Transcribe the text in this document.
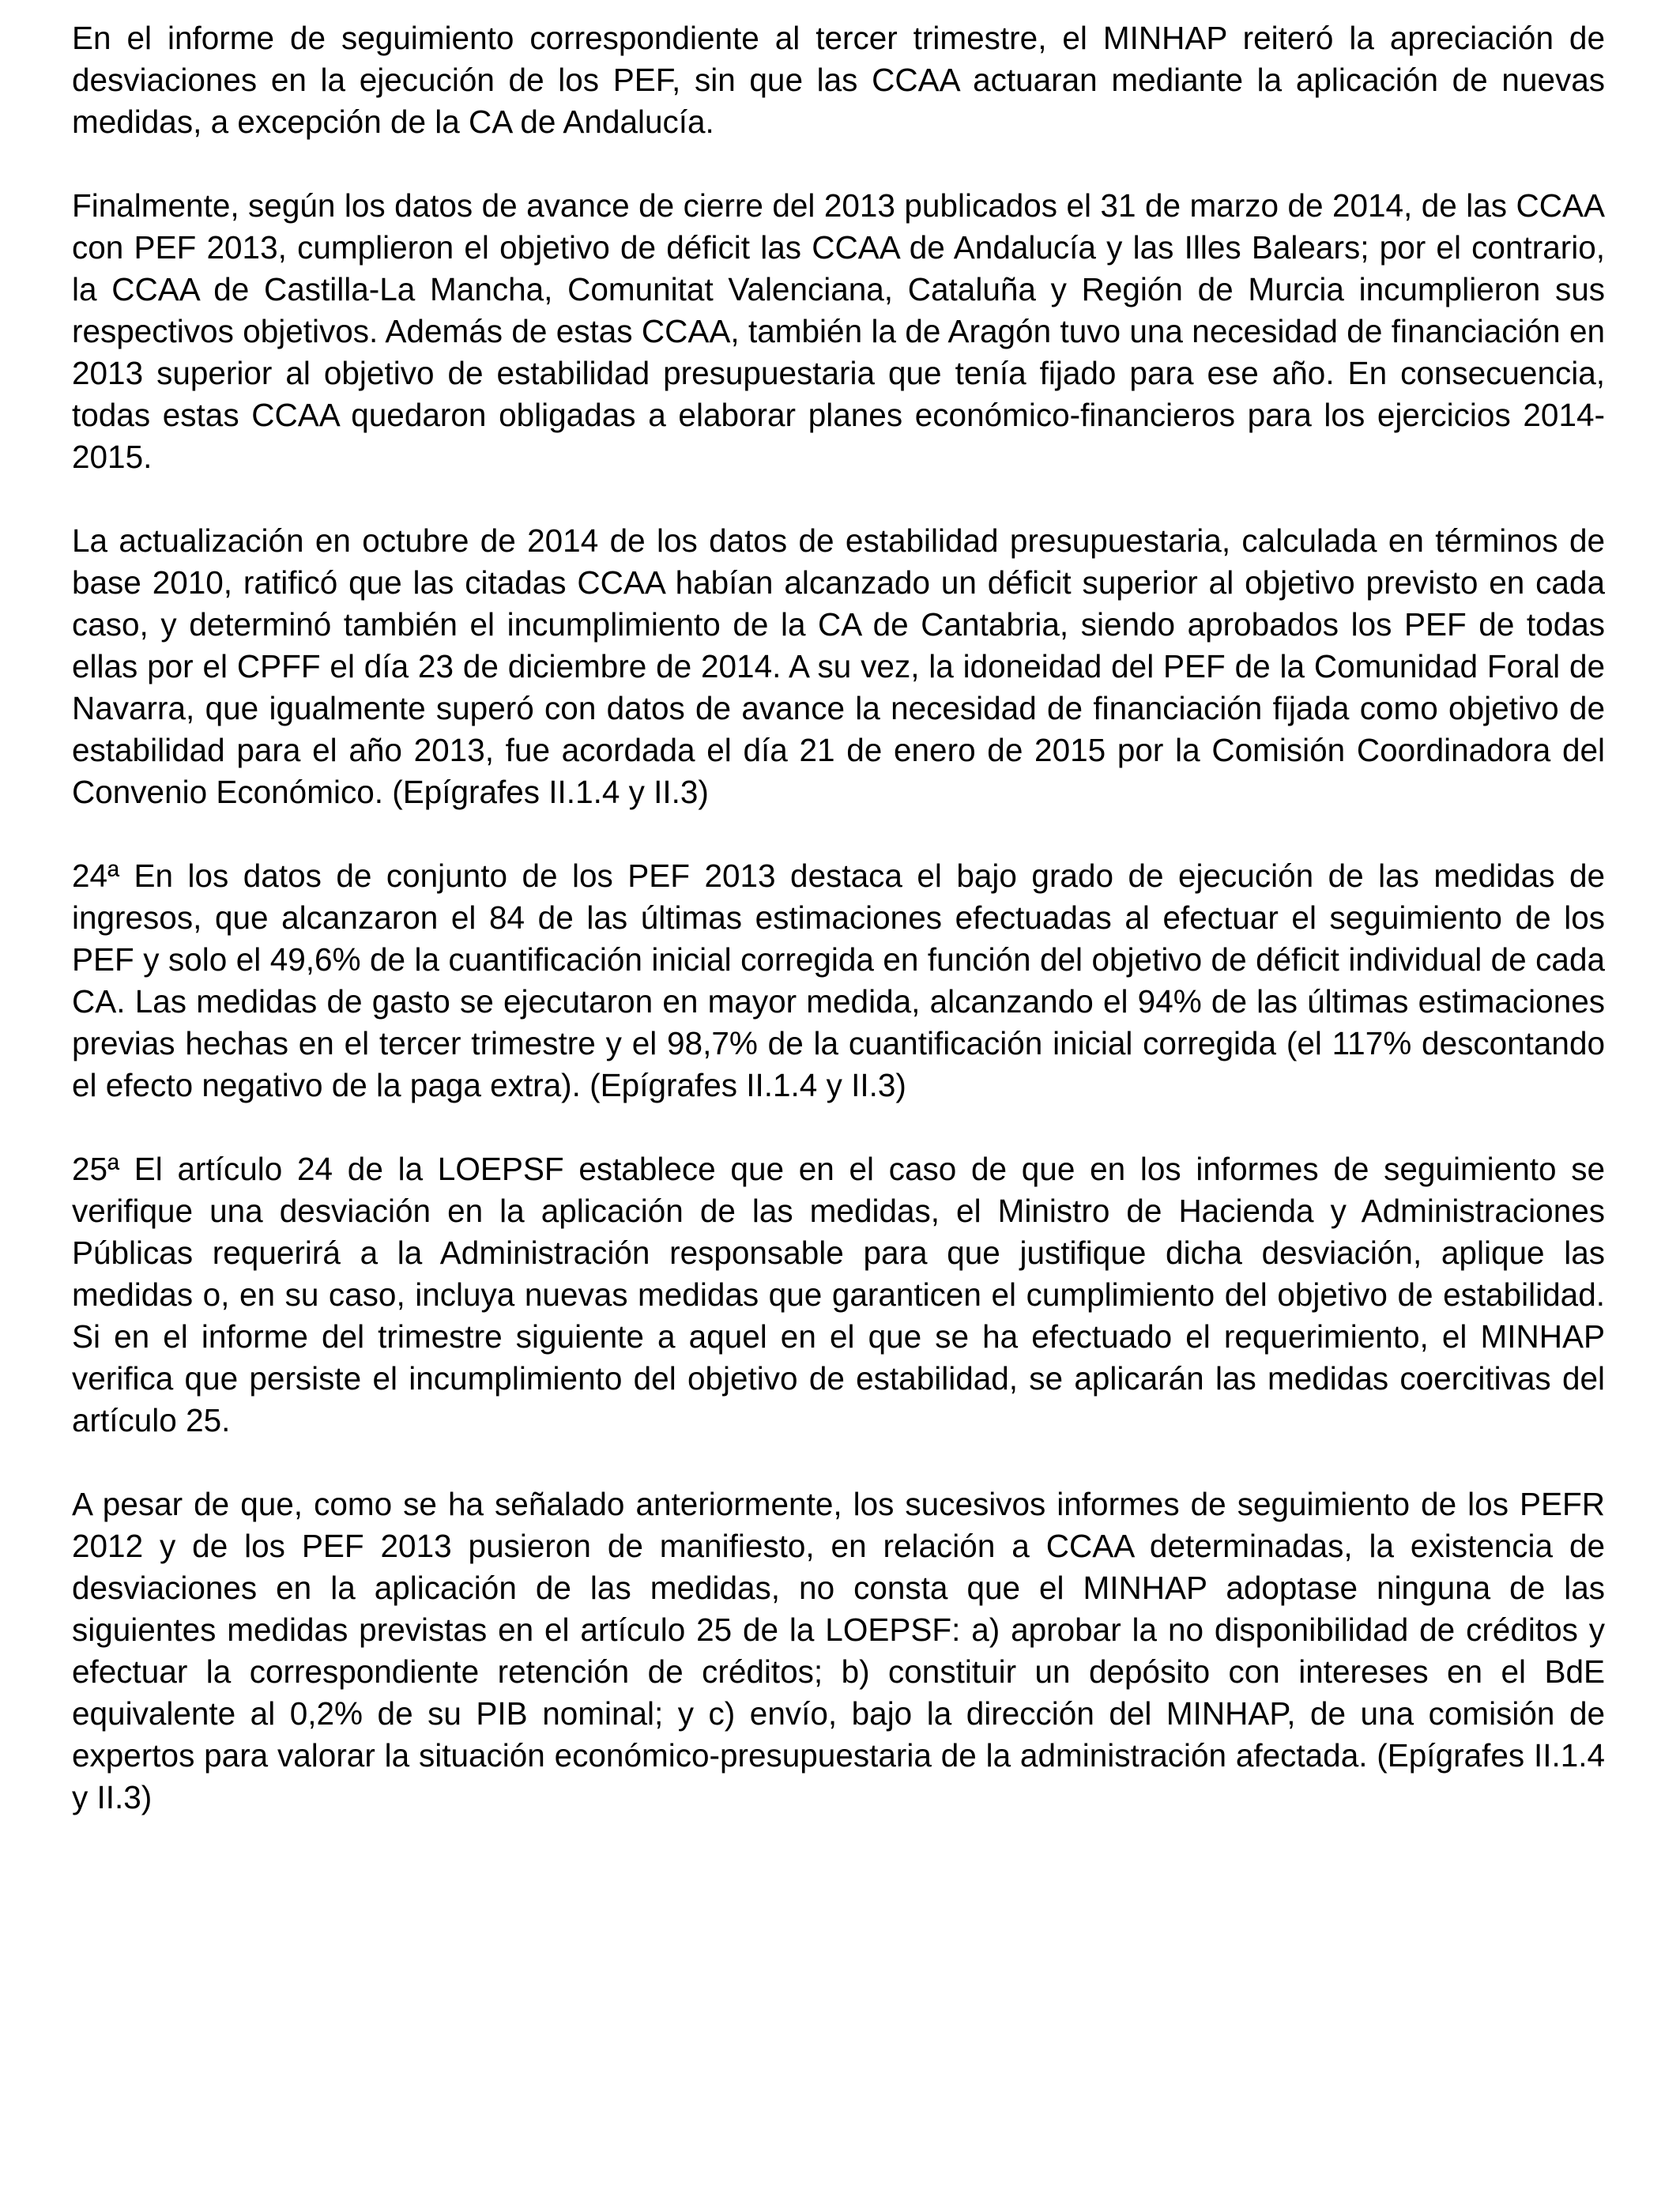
En el informe de seguimiento correspondiente al tercer trimestre, el MINHAP reiteró la apreciación de desviaciones en la ejecución de los PEF, sin que las CCAA actuaran mediante la aplicación de nuevas medidas, a excepción de la CA de Andalucía.

Finalmente, según los datos de avance de cierre del 2013 publicados el 31 de marzo de 2014, de las CCAA con PEF 2013, cumplieron el objetivo de déficit las CCAA de Andalucía y las Illes Balears; por el contrario, la CCAA de Castilla-La Mancha, Comunitat Valenciana, Cataluña y Región de Murcia incumplieron sus respectivos objetivos. Además de estas CCAA, también la de Aragón tuvo una necesidad de financiación en 2013 superior al objetivo de estabilidad presupuestaria que tenía fijado para ese año. En consecuencia, todas estas CCAA quedaron obligadas a elaborar planes económico-financieros para los ejercicios 2014-2015.

La actualización en octubre de 2014 de los datos de estabilidad presupuestaria, calculada en términos de base 2010, ratificó que las citadas CCAA habían alcanzado un déficit superior al objetivo previsto en cada caso, y determinó también el incumplimiento de la CA de Cantabria, siendo aprobados los PEF de todas ellas por el CPFF el día 23 de diciembre de 2014. A su vez, la idoneidad del PEF de la Comunidad Foral de Navarra, que igualmente superó con datos de avance la necesidad de financiación fijada como objetivo de estabilidad para el año 2013, fue acordada el día 21 de enero de 2015 por la Comisión Coordinadora del Convenio Económico. (Epígrafes II.1.4 y II.3)

24ª En los datos de conjunto de los PEF 2013 destaca el bajo grado de ejecución de las medidas de ingresos, que alcanzaron el 84 de las últimas estimaciones efectuadas al efectuar el seguimiento de los PEF y solo el 49,6% de la cuantificación inicial corregida en función del objetivo de déficit individual de cada CA. Las medidas de gasto se ejecutaron en mayor medida, alcanzando el 94% de las últimas estimaciones previas hechas en el tercer trimestre y el 98,7% de la cuantificación inicial corregida (el 117% descontando el efecto negativo de la paga extra). (Epígrafes II.1.4 y II.3)

25ª El artículo 24 de la LOEPSF establece que en el caso de que en los informes de seguimiento se verifique una desviación en la aplicación de las medidas, el Ministro de Hacienda y Administraciones Públicas requerirá a la Administración responsable para que justifique dicha desviación, aplique las medidas o, en su caso, incluya nuevas medidas que garanticen el cumplimiento del objetivo de estabilidad. Si en el informe del trimestre siguiente a aquel en el que se ha efectuado el requerimiento, el MINHAP verifica que persiste el incumplimiento del objetivo de estabilidad, se aplicarán las medidas coercitivas del artículo 25.

A pesar de que, como se ha señalado anteriormente, los sucesivos informes de seguimiento de los PEFR 2012 y de los PEF 2013 pusieron de manifiesto, en relación a CCAA determinadas, la existencia de desviaciones en la aplicación de las medidas, no consta que el MINHAP adoptase ninguna de las siguientes medidas previstas en el artículo 25 de la LOEPSF: a) aprobar la no disponibilidad de créditos y efectuar la correspondiente retención de créditos; b) constituir un depósito con intereses en el BdE equivalente al 0,2% de su PIB nominal; y c) envío, bajo la dirección del MINHAP, de una comisión de expertos para valorar la situación económico-presupuestaria de la administración afectada. (Epígrafes II.1.4 y II.3)
